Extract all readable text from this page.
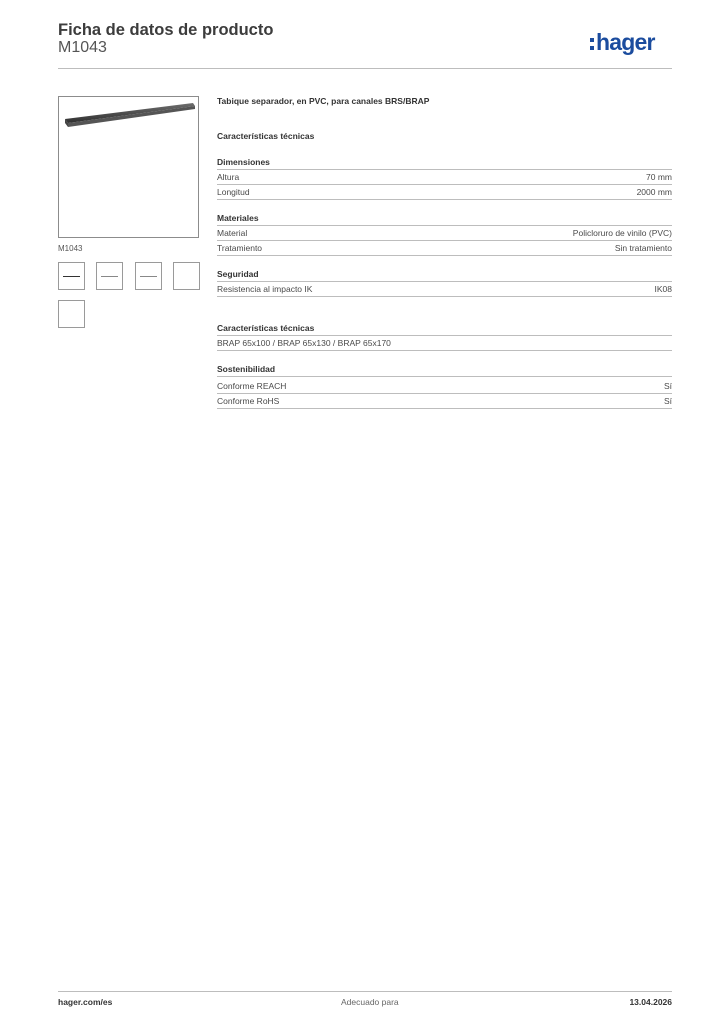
Ficha de datos de producto
M1043	hager
M1043
Tabique separador, en PVC, para canales BRS/BRAP
Características técnicas
Dimensiones
Altura	70 mm
Longitud	2000 mm
Materiales
Material	Policloruro de vinilo (PVC)
Tratamiento	Sin tratamiento
Seguridad
Resistencia al impacto IK	IK08
Características técnicas
BRAP 65x100 / BRAP 65x130 / BRAP 65x170
Sostenibilidad
Conforme REACH	Sí
Conforme RoHS	Sí
hager.com/es	Adecuado para	13.04.2026
